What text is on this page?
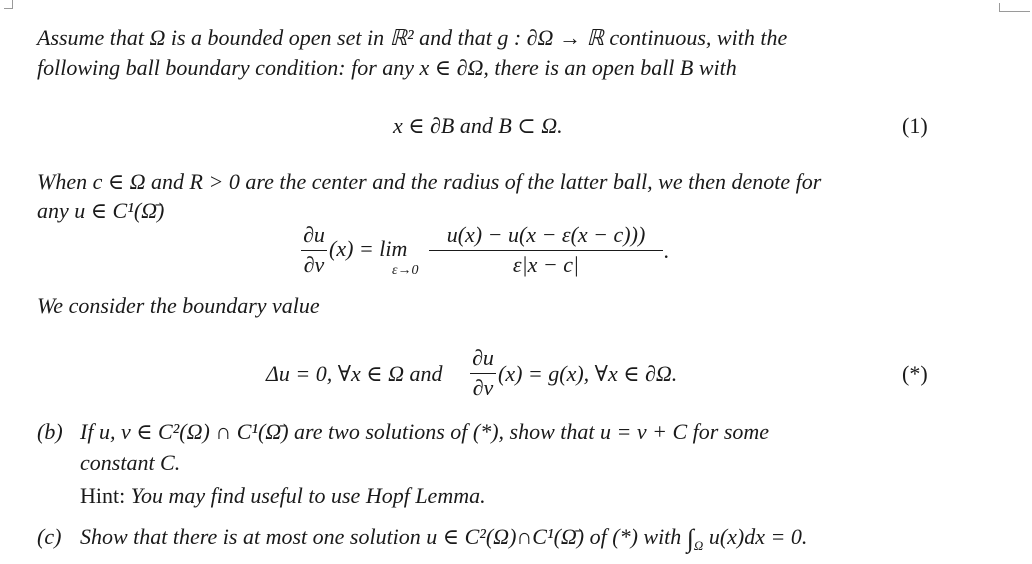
Assume that Ω is a bounded open set in ℝ² and that g : ∂Ω → ℝ continuous, with the
following ball boundary condition: for any x ∈ ∂Ω, there is an open ball B with
x ∈ ∂B and B ⊂ Ω.	(1)
When c ∈ Ω and R > 0 are the center and the radius of the latter ball, we then denote for
any u ∈ C¹(Ω̄)
∂u
∂ν
(x) = lim
ε→0
u(x) − u(x − ε(x − c)))
ε|x − c|
.
We consider the boundary value
Δu = 0, ∀x ∈ Ω and
∂u
∂ν
(x) = g(x), ∀x ∈ ∂Ω.	(*)
(b) If u, v ∈ C²(Ω) ∩ C¹(Ω̄) are two solutions of (*), show that u = v + C for some
constant C.
Hint: You may find useful to use Hopf Lemma.
(c) Show that there is at most one solution u ∈ C²(Ω)∩C¹(Ω̄) of (*) with $\int_\Omega$ u(x)dx = 0.
